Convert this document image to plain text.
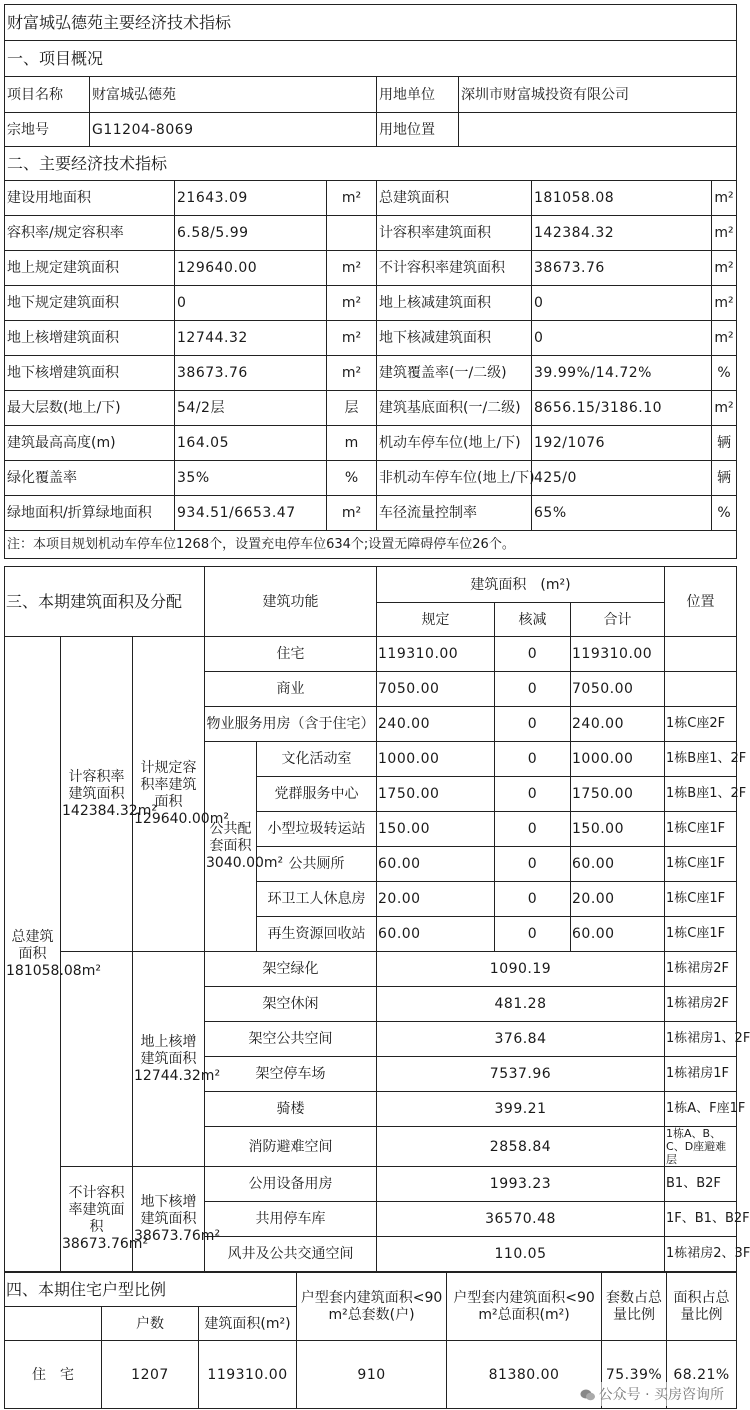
财富城弘德苑主要经济技术指标							
一、项目概况							
项目名称	财富城弘德苑			用地单位	深圳市财富城投资有限公司		
宗地号	G11204-8069			用地位置			
二、主要经济技术指标							
建设用地面积		21643.09	m²	总建筑面积		181058.08	m²
容积率/规定容积率		6.58/5.99		计容积率建筑面积		142384.32	m²
地上规定建筑面积		129640.00	m²	不计容积率建筑面积		38673.76	m²
地下规定建筑面积		0	m²	地上核减建筑面积		0	m²
地上核增建筑面积		12744.32	m²	地下核减建筑面积		0	m²
地下核增建筑面积		38673.76	m²	建筑覆盖率(一/二级)		39.99%/14.72%	%
最大层数(地上/下)		54/2层	层	建筑基底面积(一/二级)		8656.15/3186.10	m²
建筑最高高度(m)		164.05	m	机动车停车位(地上/下)		192/1076	辆
绿化覆盖率		35%	%	非机动车停车位(地上/下)		425/0	辆
绿地面积/折算绿地面积		934.51/6653.47	m²	车径流量控制率		65%	%
注：本项目规划机动车停车位1268个，设置充电停车位634个;设置无障碍停车位26个。							
三、本期建筑面积及分配			建筑功能		建筑面积　(m²)			位置
					规定	核减	合计	
总建筑面积181058.08m²	计容积率建筑面积142384.32m²	计规定容积率建筑面积129640.00m²	住宅		119310.00	0	119310.00	
			商业		7050.00	0	7050.00	
			物业服务用房（含于住宅）		240.00	0	240.00	1栋C座2F
			公共配套面积3040.00m²	文化活动室	1000.00	0	1000.00	1栋B座1、2F
				党群服务中心	1750.00	0	1750.00	1栋B座1、2F
				小型垃圾转运站	150.00	0	150.00	1栋C座1F
				公共厕所	60.00	0	60.00	1栋C座1F
				环卫工人休息房	20.00	0	20.00	1栋C座1F
				再生资源回收站	60.00	0	60.00	1栋C座1F
		地上核增建筑面积12744.32m²	架空绿化		1090.19			1栋裙房2F
			架空休闲		481.28			1栋裙房2F
			架空公共空间		376.84			1栋裙房1、2F
			架空停车场		7537.96			1栋裙房1F
			骑楼		399.21			1栋A、F座1F
			消防避难空间		2858.84			1栋A、B、C、D座避难层
	不计容积率建筑面积38673.76m²	地下核增建筑面积38673.76m²	公用设备用房		1993.23			B1、B2F
			共用停车库		36570.48			1F、B1、B2F
			风井及公共交通空间		110.05			1栋裙房2、3F
四、本期住宅户型比例			户型套内建筑面积<90 m²总套数(户)	户型套内建筑面积<90 m²总面积(m²)	套数占总量比例	面积占总量比例
	户数	建筑面积(m²)				
住　宅	1207	119310.00	910	81380.00	75.39%	68.21%
公众号 · 买房咨询所
